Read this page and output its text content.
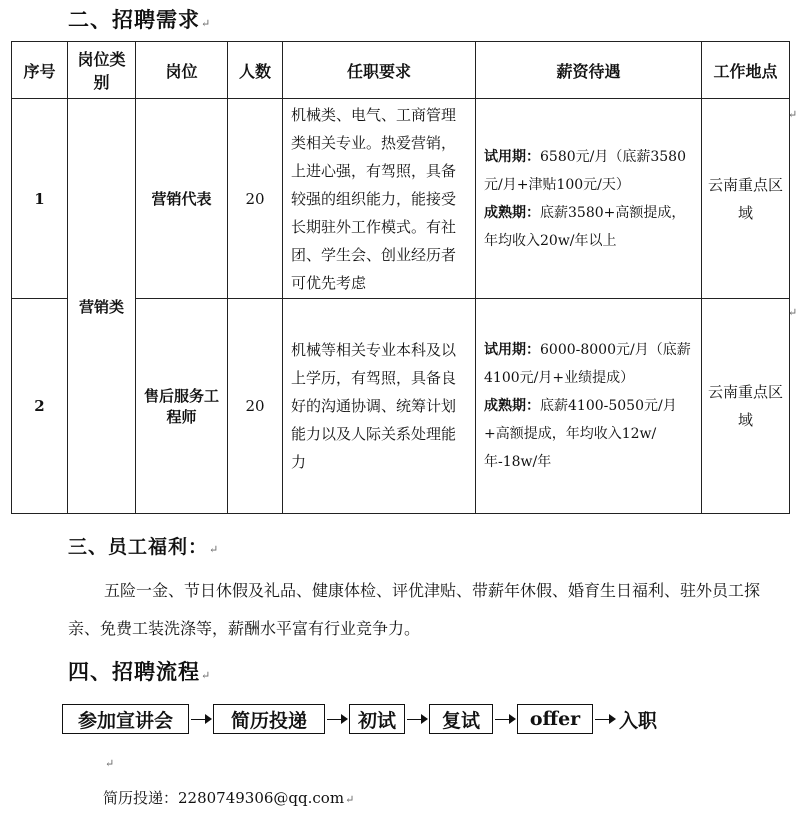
二、招聘需求↵
序号	岗位类别	岗位	人数	任职要求	薪资待遇	工作地点
1	营销类	营销代表	20	机械类、电气、工商管理类相关专业。热爱营销，上进心强，有驾照，具备较强的组织能力，能接受长期驻外工作模式。有社团、学生会、创业经历者可优先考虑	试用期：6580元/月（底薪3580元/月+津贴100元/天）
成熟期：底薪3580+高额提成，年均收入20w/年以上	云南重点区域
2		售后服务工程师	20	机械等相关专业本科及以上学历，有驾照，具备良好的沟通协调、统筹计划能力以及人际关系处理能力	试用期：6000-8000元/月（底薪4100元/月+业绩提成）
成熟期：底薪4100-5050元/月+高额提成，年均收入12w/年-18w/年	云南重点区域
↵
↵
三、员工福利：↵
五险一金、节日休假及礼品、健康体检、评优津贴、带薪年休假、婚育生日福利、驻外员工探亲、免费工装洗涤等，薪酬水平富有行业竞争力。
四、招聘流程↵
参加宣讲会	简历投递	初试	复试	offer	入职
↵
简历投递：2280749306@qq.com↵
